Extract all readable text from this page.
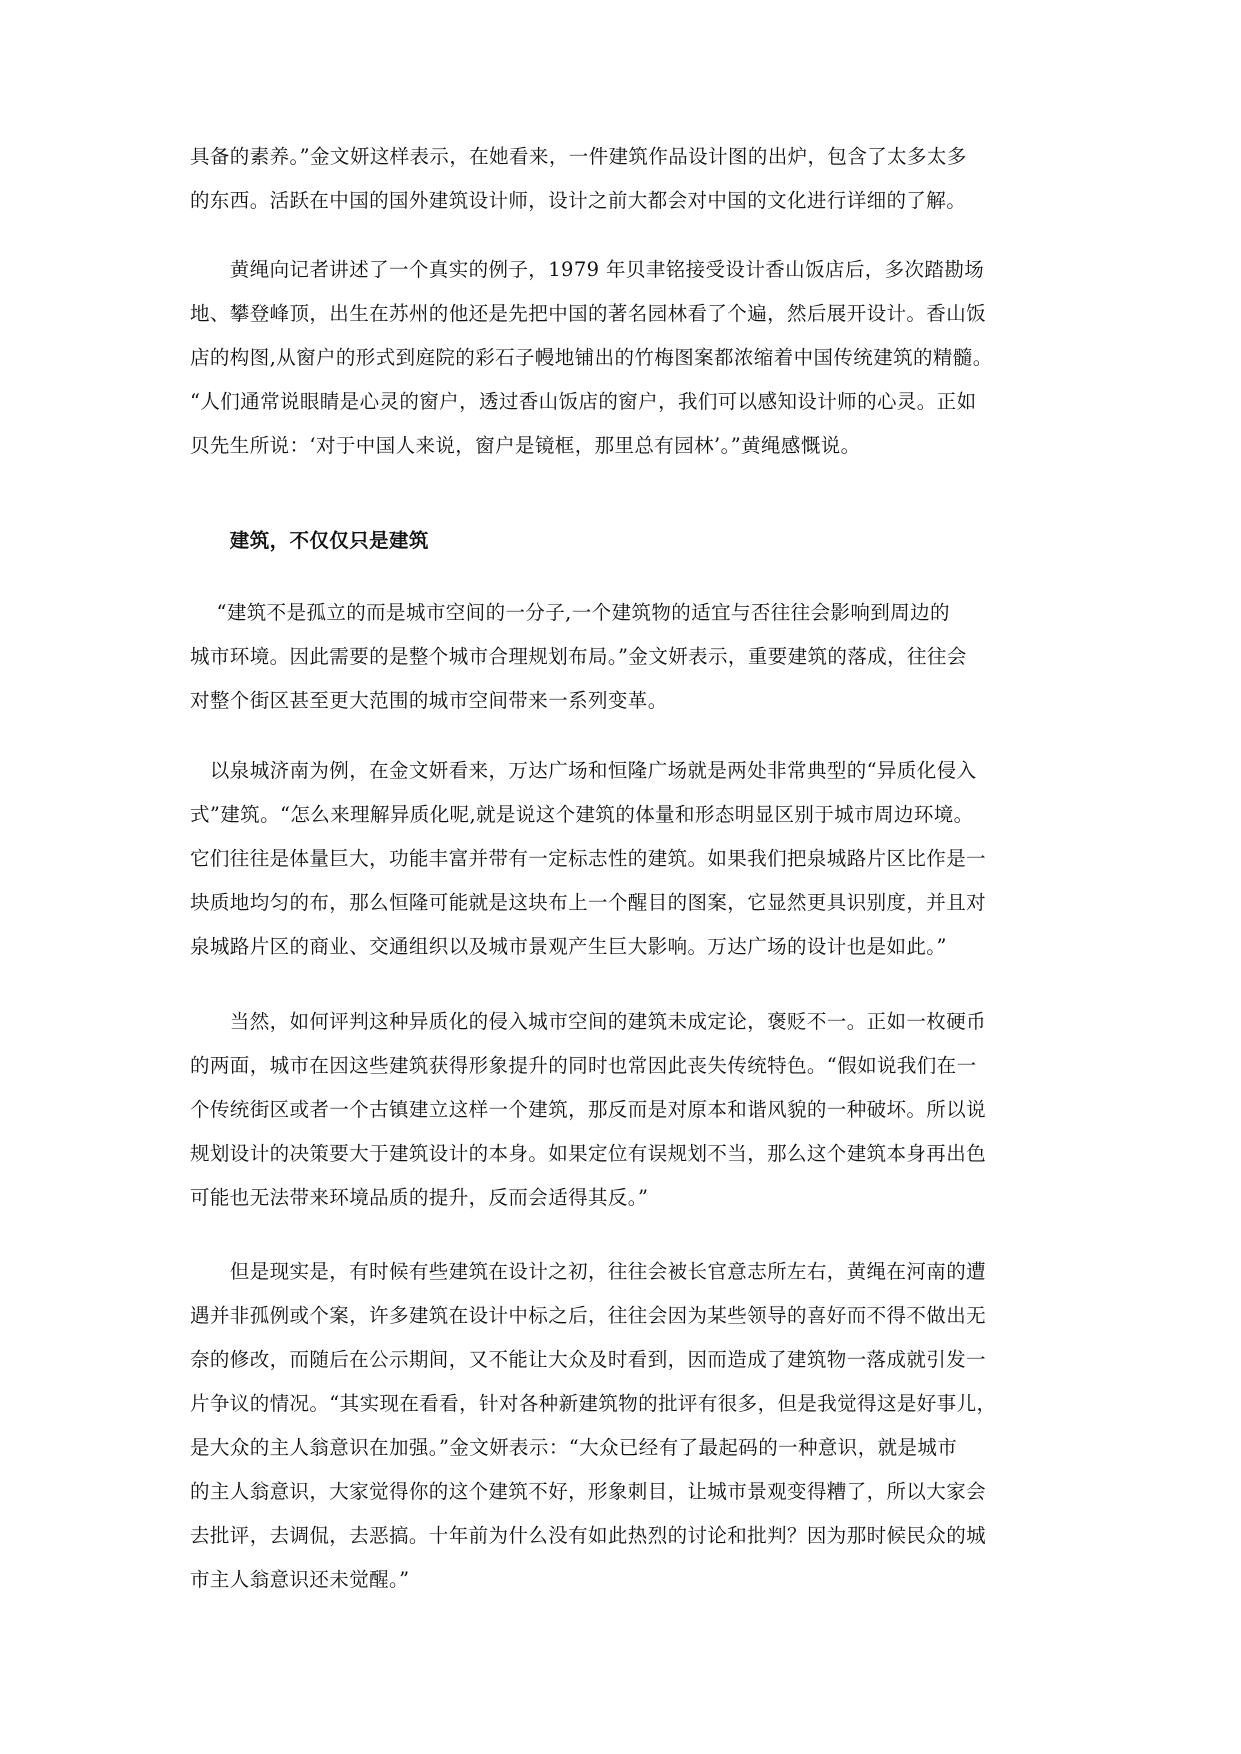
具备的素养。”金文妍这样表示，在她看来，一件建筑作品设计图的出炉，包含了太多太多
的东西。活跃在中国的国外建筑设计师，设计之前大都会对中国的文化进行详细的了解。
　　黄绳向记者讲述了一个真实的例子，1979 年贝聿铭接受设计香山饭店后，多次踏勘场
地、攀登峰顶，出生在苏州的他还是先把中国的著名园林看了个遍，然后展开设计。香山饭
店的构图,从窗户的形式到庭院的彩石子幔地铺出的竹梅图案都浓缩着中国传统建筑的精髓。
“人们通常说眼睛是心灵的窗户，透过香山饭店的窗户，我们可以感知设计师的心灵。正如
贝先生所说：‘对于中国人来说，窗户是镜框，那里总有园林’。”黄绳感慨说。
　　建筑，不仅仅只是建筑
　 “建筑不是孤立的而是城市空间的一分子,一个建筑物的适宜与否往往会影响到周边的
城市环境。因此需要的是整个城市合理规划布局。”金文妍表示，重要建筑的落成，往往会
对整个街区甚至更大范围的城市空间带来一系列变革。
　以泉城济南为例，在金文妍看来，万达广场和恒隆广场就是两处非常典型的“异质化侵入
式”建筑。“怎么来理解异质化呢,就是说这个建筑的体量和形态明显区别于城市周边环境。
它们往往是体量巨大，功能丰富并带有一定标志性的建筑。如果我们把泉城路片区比作是一
块质地均匀的布，那么恒隆可能就是这块布上一个醒目的图案，它显然更具识别度，并且对
泉城路片区的商业、交通组织以及城市景观产生巨大影响。万达广场的设计也是如此。”
　　当然，如何评判这种异质化的侵入城市空间的建筑未成定论，褒贬不一。正如一枚硬币
的两面，城市在因这些建筑获得形象提升的同时也常因此丧失传统特色。“假如说我们在一
个传统街区或者一个古镇建立这样一个建筑，那反而是对原本和谐风貌的一种破坏。所以说
规划设计的决策要大于建筑设计的本身。如果定位有误规划不当，那么这个建筑本身再出色
可能也无法带来环境品质的提升，反而会适得其反。”
　　但是现实是，有时候有些建筑在设计之初，往往会被长官意志所左右，黄绳在河南的遭
遇并非孤例或个案，许多建筑在设计中标之后，往往会因为某些领导的喜好而不得不做出无
奈的修改，而随后在公示期间，又不能让大众及时看到，因而造成了建筑物一落成就引发一
片争议的情况。“其实现在看看，针对各种新建筑物的批评有很多，但是我觉得这是好事儿，
是大众的主人翁意识在加强。”金文妍表示：“大众已经有了最起码的一种意识，就是城市
的主人翁意识，大家觉得你的这个建筑不好，形象刺目，让城市景观变得糟了，所以大家会
去批评，去调侃，去恶搞。十年前为什么没有如此热烈的讨论和批判？因为那时候民众的城
市主人翁意识还未觉醒。”
